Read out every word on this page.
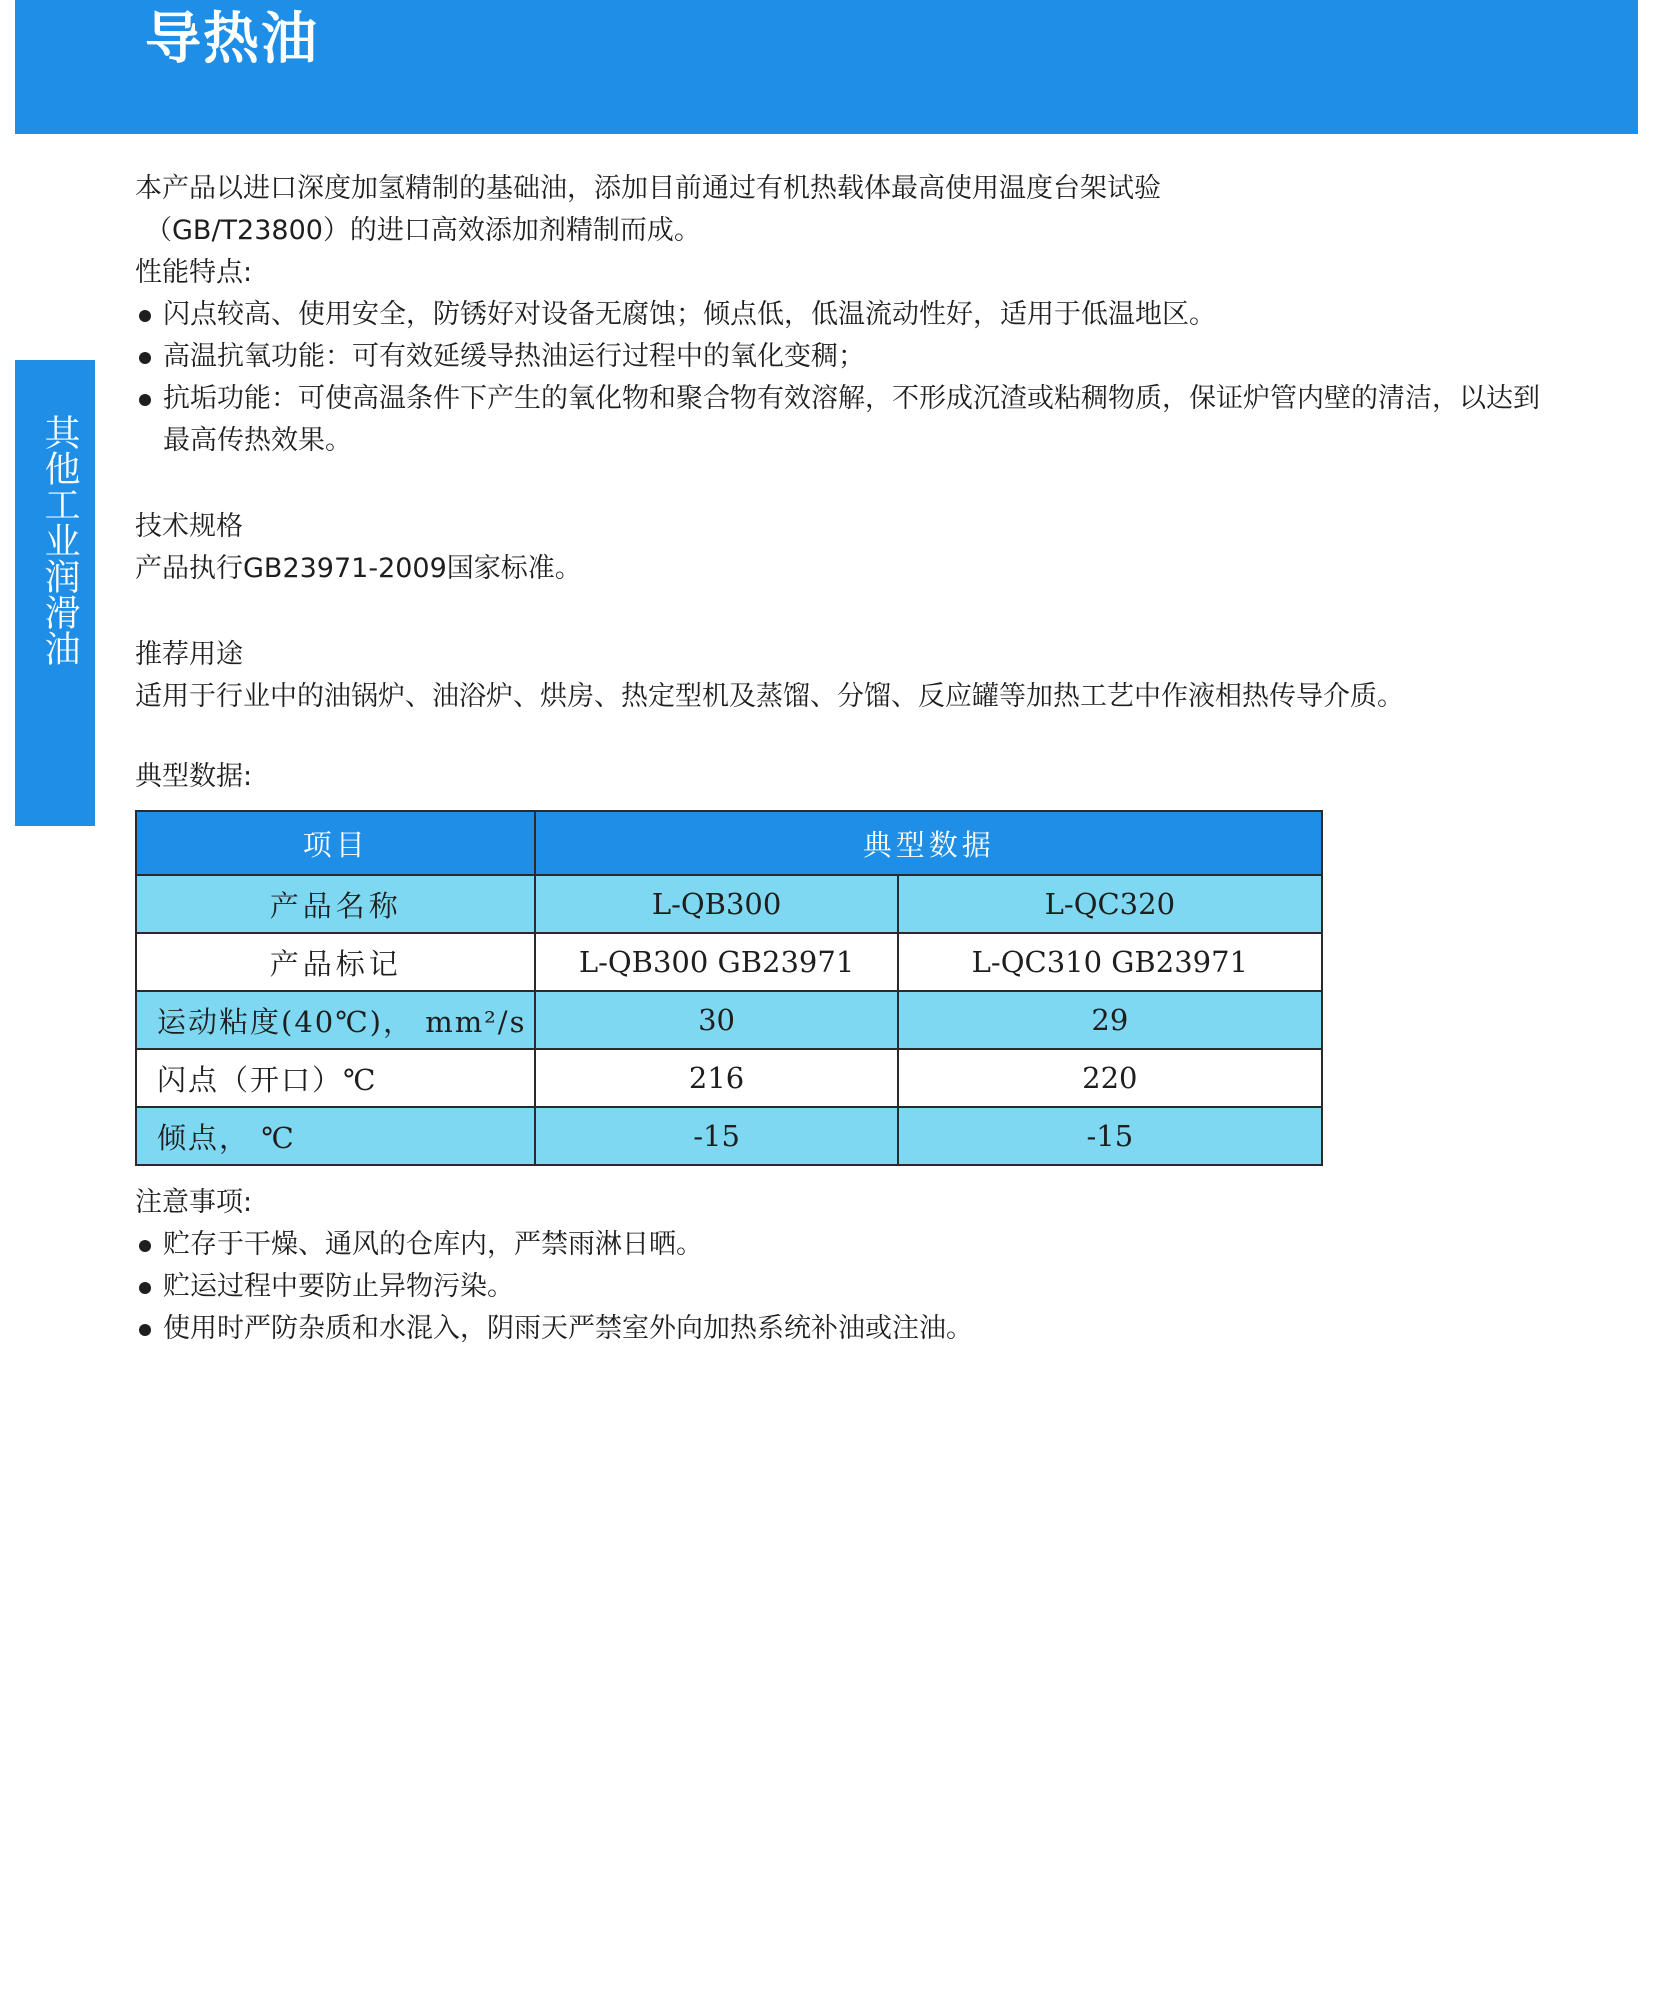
导热油
其他工业润滑油

本产品以进口深度加氢精制的基础油，添加目前通过有机热载体最高使用温度台架试验

（GB/T23800）的进口高效添加剂精制而成。

性能特点:

闪点较高、使用安全，防锈好对设备无腐蚀；倾点低，低温流动性好，适用于低温地区。
高温抗氧功能：可有效延缓导热油运行过程中的氧化变稠；
抗垢功能：可使高温条件下产生的氧化物和聚合物有效溶解，不形成沉渣或粘稠物质，保证炉管内壁的清洁，以达到最高传热效果。

技术规格

产品执行GB23971-2009国家标准。

推荐用途

适用于行业中的油锅炉、油浴炉、烘房、热定型机及蒸馏、分馏、反应罐等加热工艺中作液相热传导介质。

典型数据:

项目	典型数据	
产品名称	L-QB300	L-QC320
产品标记	L-QB300 GB23971	L-QC310 GB23971
运动粘度(40℃)， mm²/s	30	29
闪点（开口）℃	216	220
倾点， ℃	-15	-15

注意事项:

贮存于干燥、通风的仓库内，严禁雨淋日晒。
贮运过程中要防止异物污染。
使用时严防杂质和水混入，阴雨天严禁室外向加热系统补油或注油。
